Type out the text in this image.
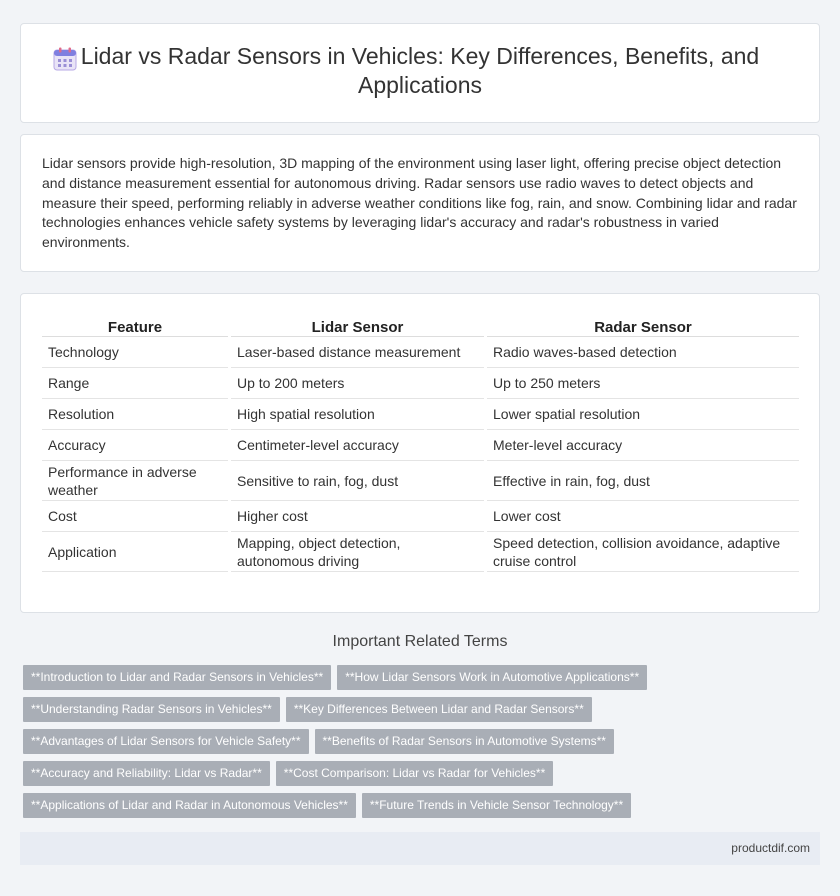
Lidar vs Radar Sensors in Vehicles: Key Differences, Benefits, and Applications

Lidar sensors provide high-resolution, 3D mapping of the environment using laser light, offering precise object detection and distance measurement essential for autonomous driving. Radar sensors use radio waves to detect objects and measure their speed, performing reliably in adverse weather conditions like fog, rain, and snow. Combining lidar and radar technologies enhances vehicle safety systems by leveraging lidar's accuracy and radar's robustness in varied environments.

Feature		Lidar Sensor		Radar Sensor
Technology		Laser-based distance measurement		Radio waves-based detection
Range		Up to 200 meters		Up to 250 meters
Resolution		High spatial resolution		Lower spatial resolution
Accuracy		Centimeter-level accuracy		Meter-level accuracy
Performance in adverse weather		Sensitive to rain, fog, dust		Effective in rain, fog, dust
Cost		Higher cost		Lower cost
Application		Mapping, object detection, autonomous driving		Speed detection, collision avoidance, adaptive cruise control
Important Related Terms
**Introduction to Lidar and Radar Sensors in Vehicles** **How Lidar Sensors Work in Automotive Applications**
**Understanding Radar Sensors in Vehicles** **Key Differences Between Lidar and Radar Sensors**
**Advantages of Lidar Sensors for Vehicle Safety** **Benefits of Radar Sensors in Automotive Systems**
**Accuracy and Reliability: Lidar vs Radar** **Cost Comparison: Lidar vs Radar for Vehicles**
**Applications of Lidar and Radar in Autonomous Vehicles** **Future Trends in Vehicle Sensor Technology**
productdif.com
